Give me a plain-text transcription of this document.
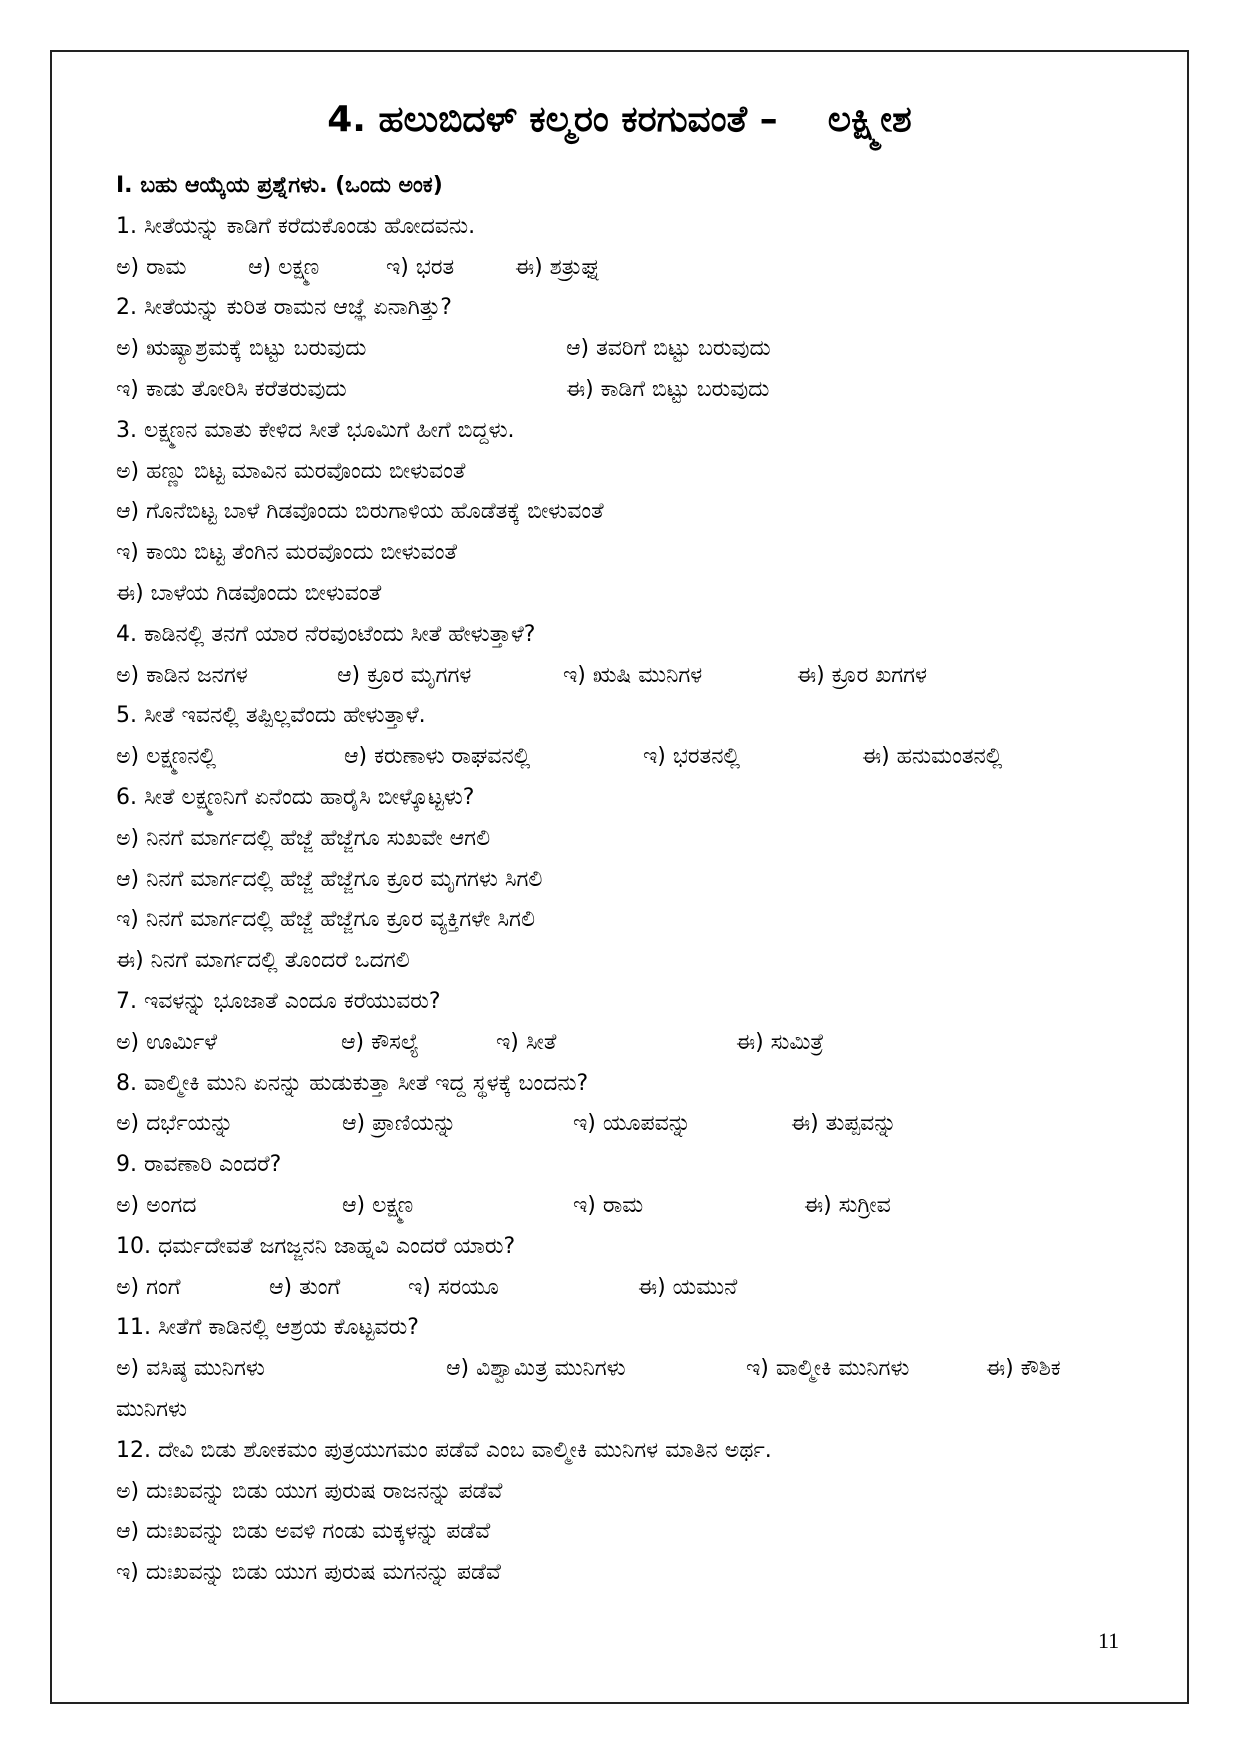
4. ಹಲುಬಿದಳ್ ಕಲ್ಮರಂ ಕರಗುವಂತೆ –    ಲಕ್ಷ್ಮೀಶ
I. ಬಹು ಆಯ್ಕೆಯ ಪ್ರಶ್ನೆಗಳು. (ಒಂದು ಅಂಕ)
1. ಸೀತೆಯನ್ನು ಕಾಡಿಗೆ ಕರೆದುಕೊಂಡು ಹೋದವನು.
ಅ) ರಾಮ	ಆ) ಲಕ್ಷ್ಮಣ	ಇ) ಭರತ	ಈ) ಶತ್ರುಘ್ನ
2. ಸೀತೆಯನ್ನು ಕುರಿತ ರಾಮನ ಆಜ್ಞೆ ಏನಾಗಿತ್ತು?
ಅ) ಋಷ್ಯಾಶ್ರಮಕ್ಕೆ ಬಿಟ್ಟು ಬರುವುದು	ಆ) ತವರಿಗೆ ಬಿಟ್ಟು ಬರುವುದು
ಇ) ಕಾಡು ತೋರಿಸಿ ಕರೆತರುವುದು	ಈ) ಕಾಡಿಗೆ ಬಿಟ್ಟು ಬರುವುದು
3. ಲಕ್ಷ್ಮಣನ ಮಾತು ಕೇಳಿದ ಸೀತೆ ಭೂಮಿಗೆ ಹೀಗೆ ಬಿದ್ದಳು.
ಅ) ಹಣ್ಣು ಬಿಟ್ಟ ಮಾವಿನ ಮರವೊಂದು ಬೀಳುವಂತೆ
ಆ) ಗೊನೆಬಿಟ್ಟ ಬಾಳೆ ಗಿಡವೊಂದು ಬಿರುಗಾಳಿಯ ಹೊಡೆತಕ್ಕೆ ಬೀಳುವಂತೆ
ಇ) ಕಾಯಿ ಬಿಟ್ಟ ತೆಂಗಿನ ಮರವೊಂದು ಬೀಳುವಂತೆ
ಈ) ಬಾಳೆಯ ಗಿಡವೊಂದು ಬೀಳುವಂತೆ
4. ಕಾಡಿನಲ್ಲಿ ತನಗೆ ಯಾರ ನೆರವುಂಟೆಂದು ಸೀತೆ ಹೇಳುತ್ತಾಳೆ?
ಅ) ಕಾಡಿನ ಜನಗಳ	ಆ) ಕ್ರೂರ ಮೃಗಗಳ	ಇ) ಋಷಿ ಮುನಿಗಳ	ಈ) ಕ್ರೂರ ಖಗಗಳ
5. ಸೀತೆ ಇವನಲ್ಲಿ ತಪ್ಪಿಲ್ಲವೆಂದು ಹೇಳುತ್ತಾಳೆ.
ಅ) ಲಕ್ಷ್ಮಣನಲ್ಲಿ	ಆ) ಕರುಣಾಳು ರಾಘವನಲ್ಲಿ	ಇ) ಭರತನಲ್ಲಿ	ಈ) ಹನುಮಂತನಲ್ಲಿ
6. ಸೀತೆ ಲಕ್ಷ್ಮಣನಿಗೆ ಏನೆಂದು ಹಾರೈಸಿ ಬೀಳ್ಕೊಟ್ಟಳು?
ಅ) ನಿನಗೆ ಮಾರ್ಗದಲ್ಲಿ ಹೆಜ್ಜೆ ಹೆಜ್ಜೆಗೂ ಸುಖವೇ ಆಗಲಿ
ಆ) ನಿನಗೆ ಮಾರ್ಗದಲ್ಲಿ ಹೆಜ್ಜೆ ಹೆಜ್ಜೆಗೂ ಕ್ರೂರ ಮೃಗಗಳು ಸಿಗಲಿ
ಇ) ನಿನಗೆ ಮಾರ್ಗದಲ್ಲಿ ಹೆಜ್ಜೆ ಹೆಜ್ಜೆಗೂ ಕ್ರೂರ ವ್ಯಕ್ತಿಗಳೇ ಸಿಗಲಿ
ಈ) ನಿನಗೆ ಮಾರ್ಗದಲ್ಲಿ ತೊಂದರೆ ಒದಗಲಿ
7. ಇವಳನ್ನು ಭೂಜಾತೆ ಎಂದೂ ಕರೆಯುವರು?
ಅ) ಊರ್ಮಿಳೆ	ಆ) ಕೌಸಲ್ಯೆ	ಇ) ಸೀತೆ	ಈ) ಸುಮಿತ್ರೆ
8. ವಾಲ್ಮೀಕಿ ಮುನಿ ಏನನ್ನು ಹುಡುಕುತ್ತಾ ಸೀತೆ ಇದ್ದ ಸ್ಥಳಕ್ಕೆ ಬಂದನು?
ಅ) ದರ್ಭೆಯನ್ನು	ಆ) ಪ್ರಾಣಿಯನ್ನು	ಇ) ಯೂಪವನ್ನು	ಈ) ತುಪ್ಪವನ್ನು
9. ರಾವಣಾರಿ ಎಂದರೆ?
ಅ) ಅಂಗದ	ಆ) ಲಕ್ಷ್ಮಣ	ಇ) ರಾಮ	ಈ) ಸುಗ್ರೀವ
10. ಧರ್ಮದೇವತೆ ಜಗಜ್ಜನನಿ ಜಾಹ್ನವಿ ಎಂದರೆ ಯಾರು?
ಅ) ಗಂಗೆ	ಆ) ತುಂಗೆ	ಇ) ಸರಯೂ	ಈ) ಯಮುನೆ
11. ಸೀತೆಗೆ ಕಾಡಿನಲ್ಲಿ ಆಶ್ರಯ ಕೊಟ್ಟವರು?
ಅ) ವಸಿಷ್ಠ ಮುನಿಗಳು	ಆ) ವಿಶ್ವಾಮಿತ್ರ ಮುನಿಗಳು	ಇ) ವಾಲ್ಮೀಕಿ ಮುನಿಗಳು	ಈ) ಕೌಶಿಕ
ಮುನಿಗಳು
12. ದೇವಿ ಬಿಡು ಶೋಕಮಂ ಪುತ್ರಯುಗಮಂ ಪಡೆವೆ ಎಂಬ ವಾಲ್ಮೀಕಿ ಮುನಿಗಳ ಮಾತಿನ ಅರ್ಥ.
ಅ) ದುಃಖವನ್ನು ಬಿಡು ಯುಗ ಪುರುಷ ರಾಜನನ್ನು ಪಡೆವೆ
ಆ) ದುಃಖವನ್ನು ಬಿಡು ಅವಳಿ ಗಂಡು ಮಕ್ಕಳನ್ನು ಪಡೆವೆ
ಇ) ದುಃಖವನ್ನು ಬಿಡು ಯುಗ ಪುರುಷ ಮಗನನ್ನು ಪಡೆವೆ
11
